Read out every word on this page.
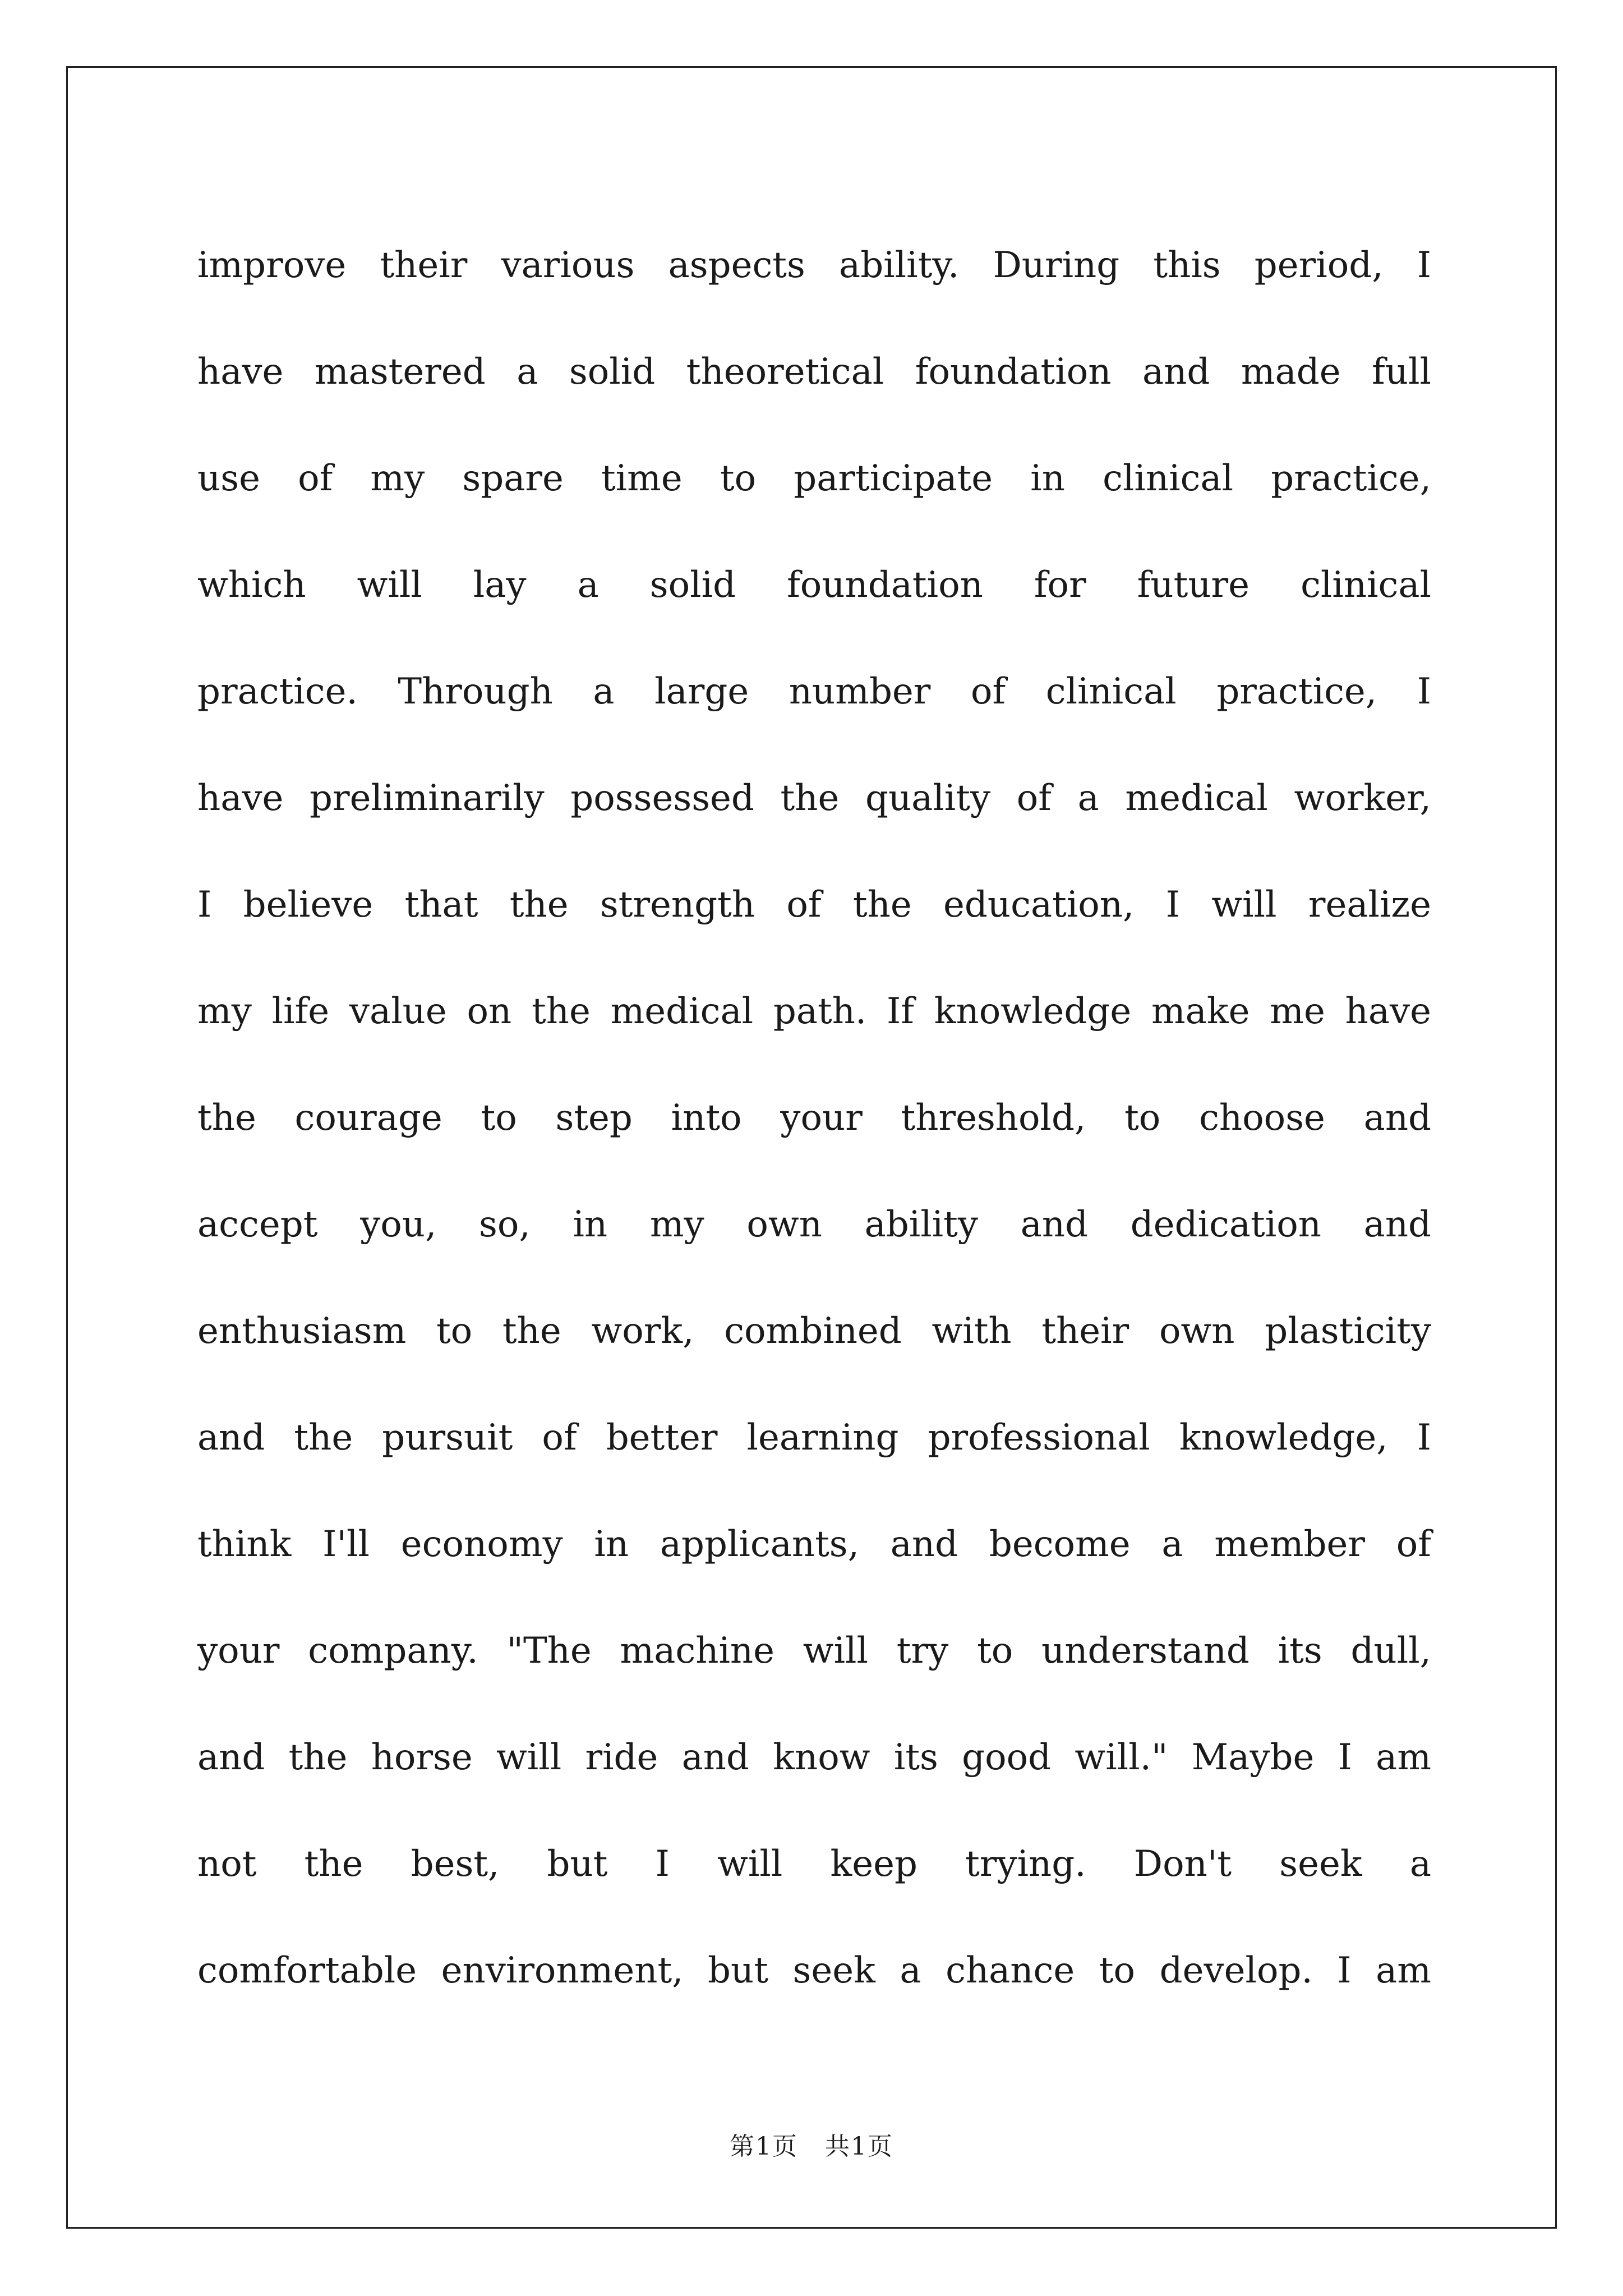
improve their various aspects ability. During this period, I
have mastered a solid theoretical foundation and made full
use of my spare time to participate in clinical practice,
which will lay a solid foundation for future clinical
practice. Through a large number of clinical practice, I
have preliminarily possessed the quality of a medical worker,
I believe that the strength of the education, I will realize
my life value on the medical path. If knowledge make me have
the courage to step into your threshold, to choose and
accept you, so, in my own ability and dedication and
enthusiasm to the work, combined with their own plasticity
and the pursuit of better learning professional knowledge, I
think I'll economy in applicants, and become a member of
your company. "The machine will try to understand its dull,
and the horse will ride and know its good will." Maybe I am
not the best, but I will keep trying. Don't seek a
comfortable environment, but seek a chance to develop. I am
第1页 共1页
